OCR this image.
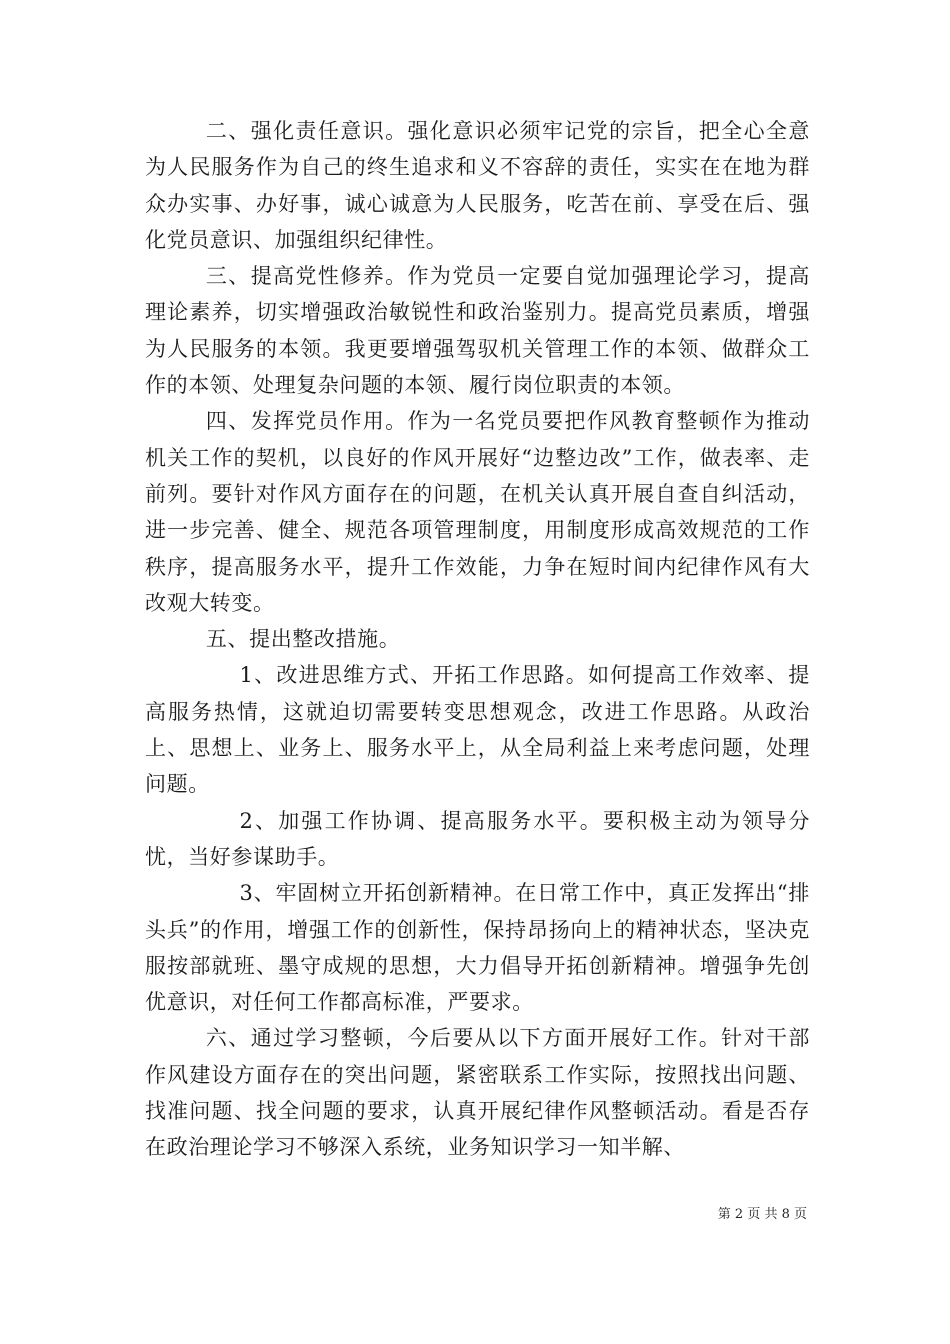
二、强化责任意识。强化意识必须牢记党的宗旨，把全心全意为人民服务作为自己的终生追求和义不容辞的责任，实实在在地为群众办实事、办好事，诚心诚意为人民服务，吃苦在前、享受在后、强化党员意识、加强组织纪律性。

三、提高党性修养。作为党员一定要自觉加强理论学习，提高理论素养，切实增强政治敏锐性和政治鉴别力。提高党员素质，增强为人民服务的本领。我更要增强驾驭机关管理工作的本领、做群众工作的本领、处理复杂问题的本领、履行岗位职责的本领。

四、发挥党员作用。作为一名党员要把作风教育整顿作为推动机关工作的契机，以良好的作风开展好“边整边改”工作，做表率、走前列。要针对作风方面存在的问题，在机关认真开展自查自纠活动，进一步完善、健全、规范各项管理制度，用制度形成高效规范的工作秩序，提高服务水平，提升工作效能，力争在短时间内纪律作风有大改观大转变。

五、提出整改措施。

1、改进思维方式、开拓工作思路。如何提高工作效率、提高服务热情，这就迫切需要转变思想观念，改进工作思路。从政治上、思想上、业务上、服务水平上，从全局利益上来考虑问题，处理问题。

2、加强工作协调、提高服务水平。要积极主动为领导分忧，当好参谋助手。

3、牢固树立开拓创新精神。在日常工作中，真正发挥出“排头兵”的作用，增强工作的创新性，保持昂扬向上的精神状态，坚决克服按部就班、墨守成规的思想，大力倡导开拓创新精神。增强争先创优意识，对任何工作都高标准，严要求。

六、通过学习整顿，今后要从以下方面开展好工作。针对干部作风建设方面存在的突出问题，紧密联系工作实际，按照找出问题、找准问题、找全问题的要求，认真开展纪律作风整顿活动。看是否存在政治理论学习不够深入系统，业务知识学习一知半解、

第 2 页 共 8 页
